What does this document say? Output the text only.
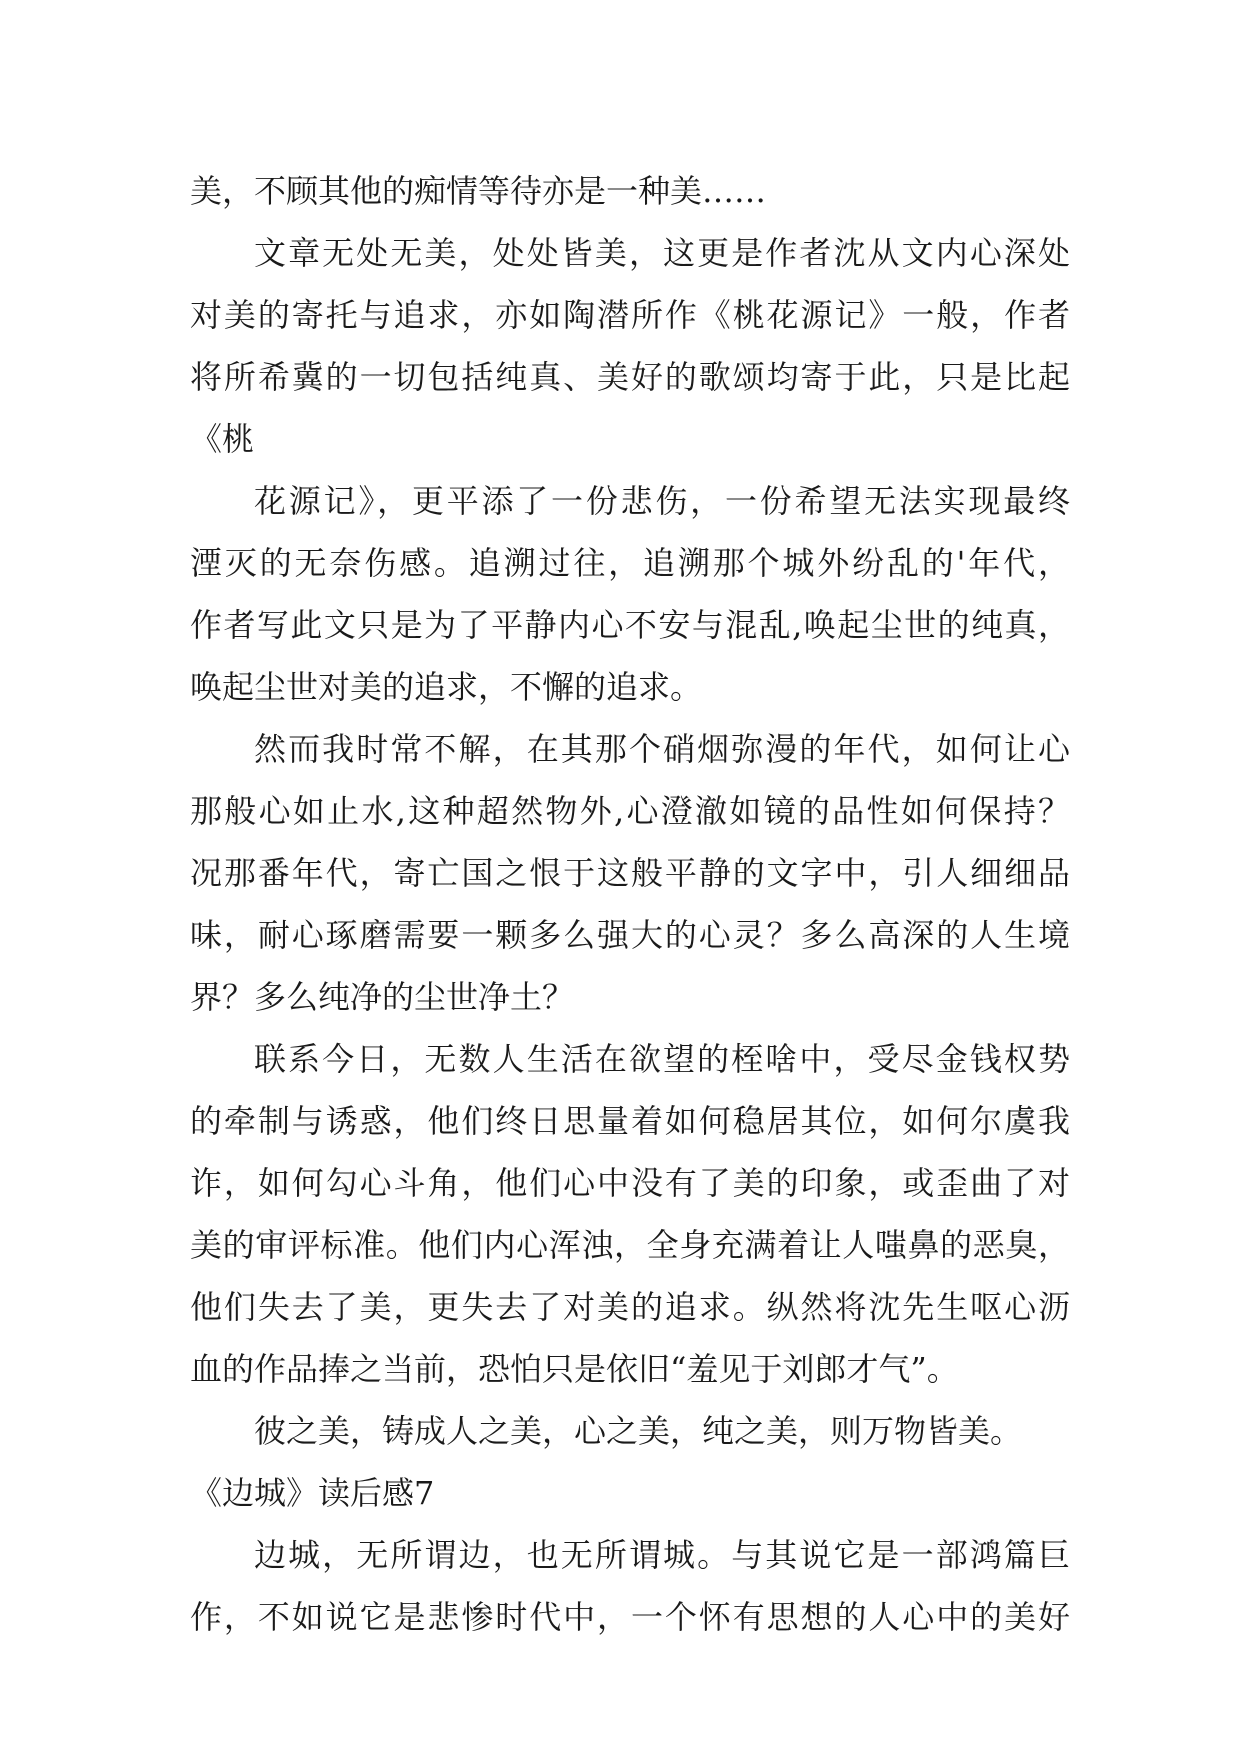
美，不顾其他的痴情等待亦是一种美……
文章无处无美，处处皆美，这更是作者沈从文内心深处
对美的寄托与追求，亦如陶潜所作《桃花源记》一般，作者
将所希冀的一切包括纯真、美好的歌颂均寄于此，只是比起
《桃
花源记》，更平添了一份悲伤，一份希望无法实现最终
湮灭的无奈伤感。追溯过往，追溯那个城外纷乱的'年代，
作者写此文只是为了平静内心不安与混乱,唤起尘世的纯真，
唤起尘世对美的追求，不懈的追求。
然而我时常不解，在其那个硝烟弥漫的年代，如何让心
那般心如止水,这种超然物外,心澄澈如镜的品性如何保持？
况那番年代，寄亡国之恨于这般平静的文字中，引人细细品
味，耐心琢磨需要一颗多么强大的心灵？多么高深的人生境
界？多么纯净的尘世净土？
联系今日，无数人生活在欲望的桎啥中，受尽金钱权势
的牵制与诱惑，他们终日思量着如何稳居其位，如何尔虞我
诈，如何勾心斗角，他们心中没有了美的印象，或歪曲了对
美的审评标准。他们内心浑浊，全身充满着让人嗤鼻的恶臭，
他们失去了美，更失去了对美的追求。纵然将沈先生呕心沥
血的作品捧之当前，恐怕只是依旧“羞见于刘郎才气”。
彼之美，铸成人之美，心之美，纯之美，则万物皆美。
《边城》读后感7
边城，无所谓边，也无所谓城。与其说它是一部鸿篇巨
作，不如说它是悲惨时代中，一个怀有思想的人心中的美好
